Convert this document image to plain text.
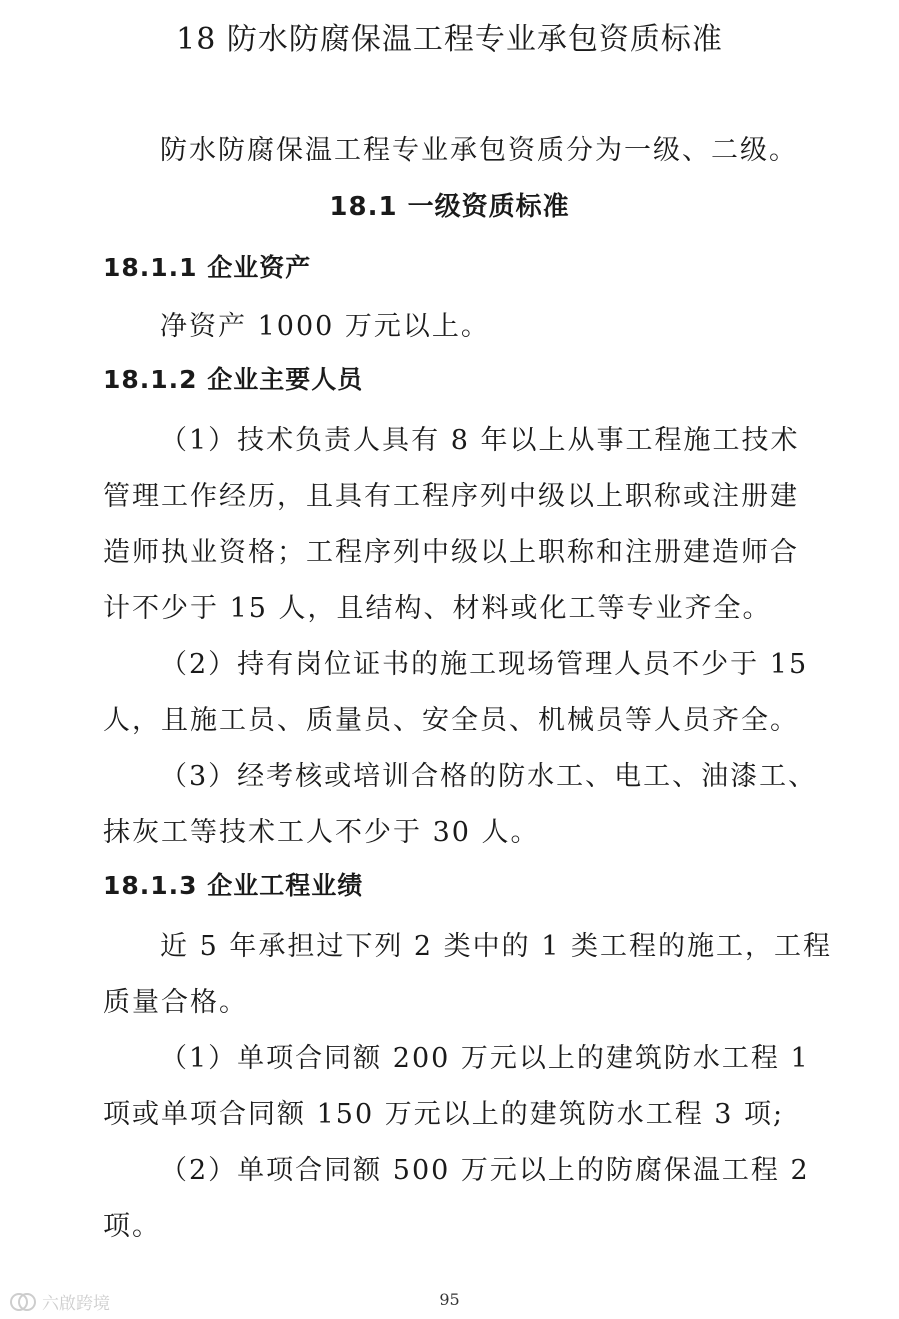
18 防水防腐保温工程专业承包资质标准
防水防腐保温工程专业承包资质分为一级、二级。
18.1 一级资质标准
18.1.1 企业资产
净资产 1000 万元以上。
18.1.2 企业主要人员
（1）技术负责人具有 8 年以上从事工程施工技术
管理工作经历，且具有工程序列中级以上职称或注册建
造师执业资格；工程序列中级以上职称和注册建造师合
计不少于 15 人，且结构、材料或化工等专业齐全。
（2）持有岗位证书的施工现场管理人员不少于 15
人，且施工员、质量员、安全员、机械员等人员齐全。
（3）经考核或培训合格的防水工、电工、油漆工、
抹灰工等技术工人不少于 30 人。
18.1.3 企业工程业绩
近 5 年承担过下列 2 类中的 1 类工程的施工，工程
质量合格。
（1）单项合同额 200 万元以上的建筑防水工程 1
项或单项合同额 150 万元以上的建筑防水工程 3 项;
（2）单项合同额 500 万元以上的防腐保温工程 2
项。
95
六啟跨境
